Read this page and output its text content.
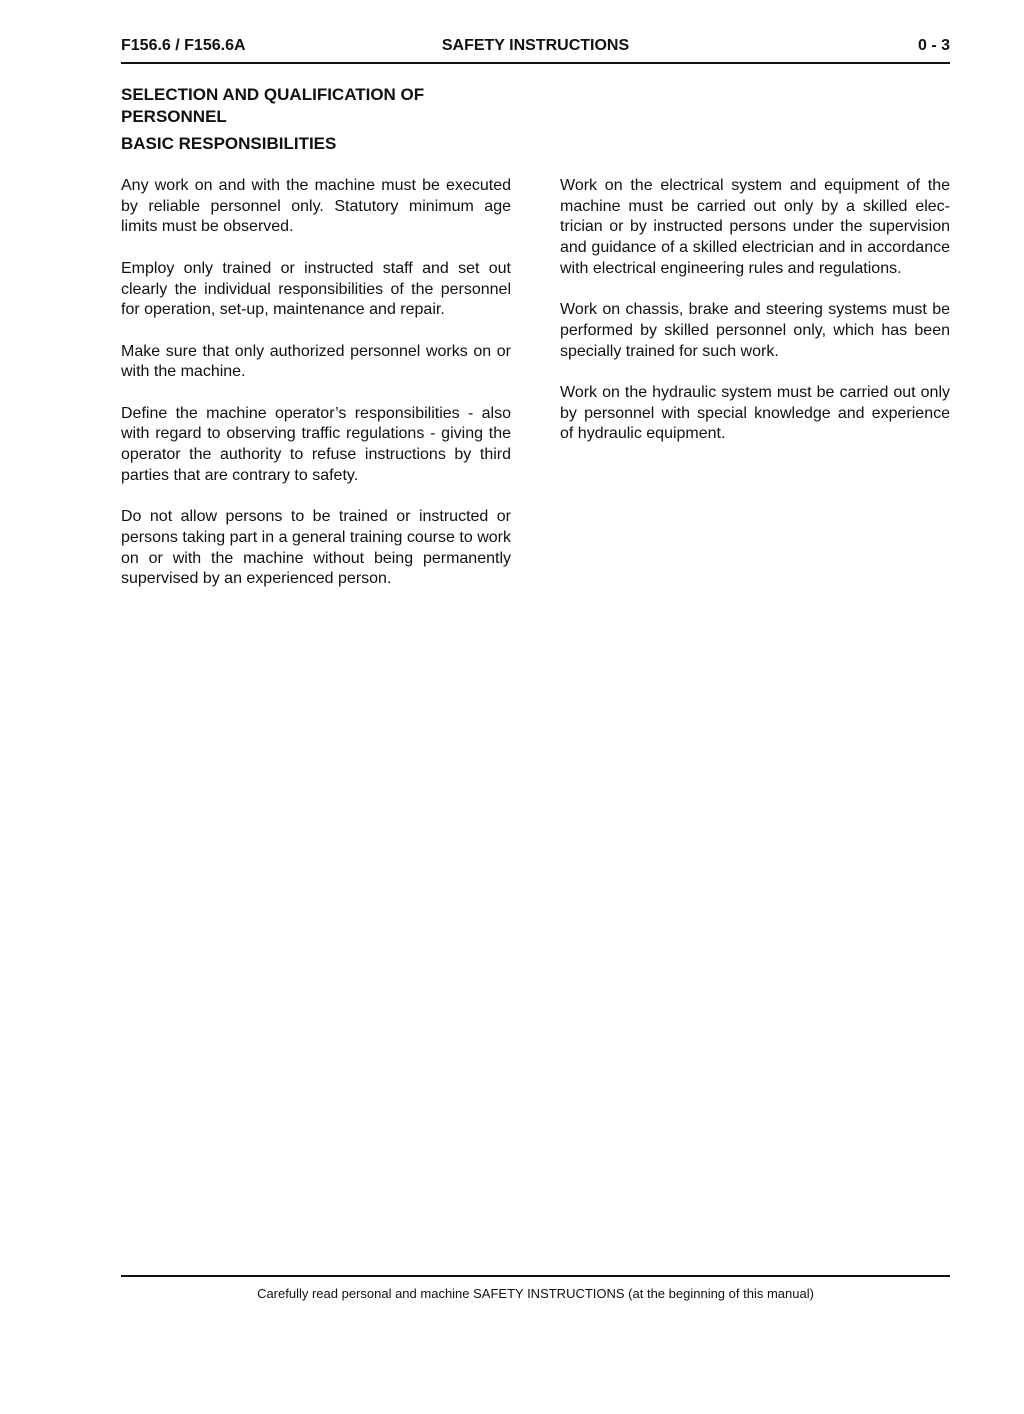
F156.6 / F156.6A	SAFETY INSTRUCTIONS	0 - 3
SELECTION AND QUALIFICATION OF PERSONNEL
BASIC RESPONSIBILITIES

Any work on and with the machine must be executed by reliable personnel only. Statutory minimum age limits must be observed.

Employ only trained or instructed staff and set out clearly the individual responsibilities of the personnel for operation, set-up, maintenance and repair.

Make sure that only authorized personnel works on or with the machine.

Define the machine operator’s responsibilities - also with regard to observing traffic regulations - giving the operator the authority to refuse instructions by third parties that are contrary to safety.

Do not allow persons to be trained or instructed or persons taking part in a general training course to work on or with the machine without being permanently supervised by an experienced person.

Work on the electrical system and equipment of the machine must be carried out only by a skilled electrician or by instructed persons under the supervision and guidance of a skilled electrician and in accordance with electrical engineering rules and regulations.

Work on chassis, brake and steering systems must be performed by skilled personnel only, which has been specially trained for such work.

Work on the hydraulic system must be carried out only by personnel with special knowledge and experience of hydraulic equipment.

Carefully read personal and machine SAFETY INSTRUCTIONS (at the beginning of this manual)
